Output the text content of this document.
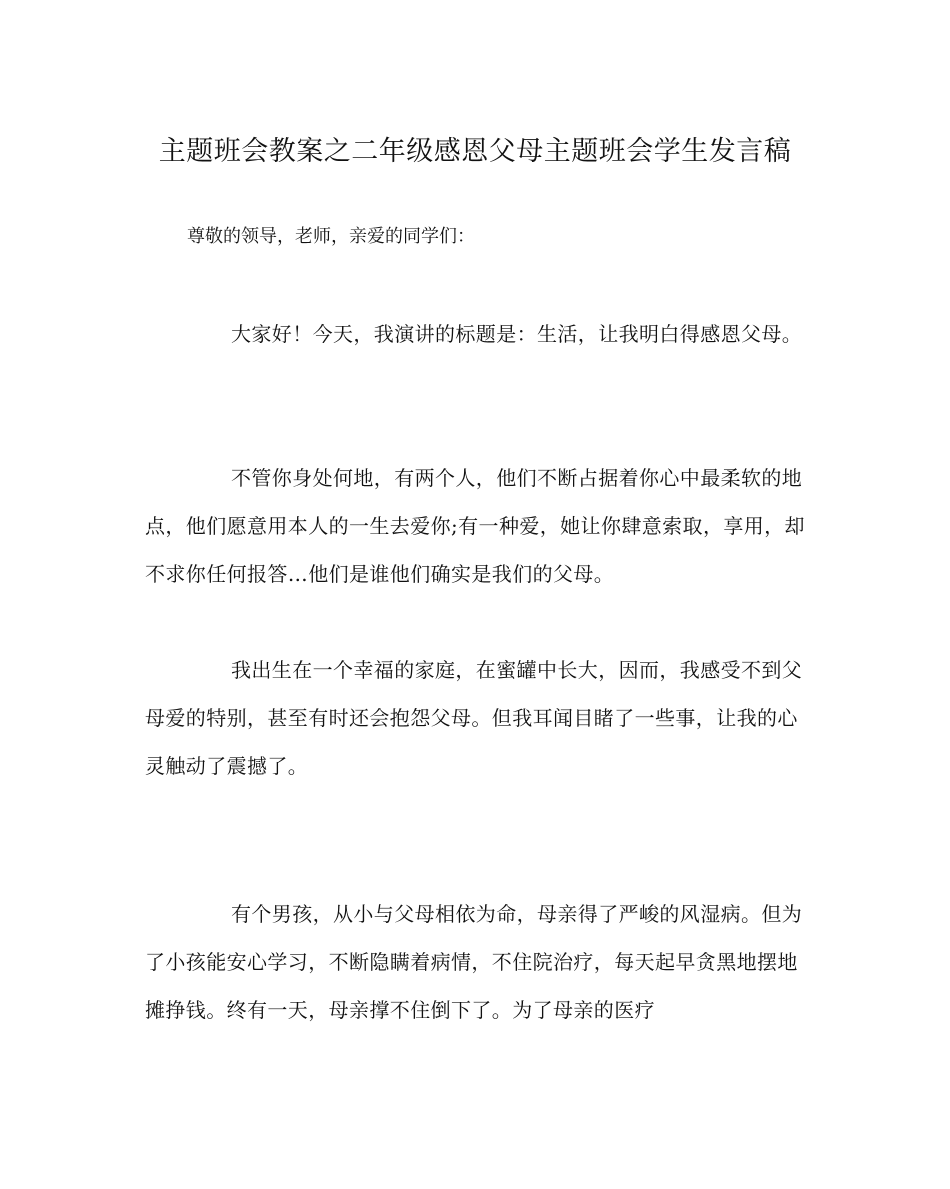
主题班会教案之二年级感恩父母主题班会学生发言稿

尊敬的领导，老师，亲爱的同学们：

大家好！今天，我演讲的标题是：生活，让我明白得感恩父母。

不管你身处何地，有两个人，他们不断占据着你心中最柔软的地点，他们愿意用本人的一生去爱你;有一种爱，她让你肆意索取，享用，却不求你任何报答…他们是谁他们确实是我们的父母。

我出生在一个幸福的家庭，在蜜罐中长大，因而，我感受不到父母爱的特别，甚至有时还会抱怨父母。但我耳闻目睹了一些事，让我的心灵触动了震撼了。

有个男孩，从小与父母相依为命，母亲得了严峻的风湿病。但为了小孩能安心学习，不断隐瞒着病情，不住院治疗，每天起早贪黑地摆地摊挣钱。终有一天，母亲撑不住倒下了。为了母亲的医疗
